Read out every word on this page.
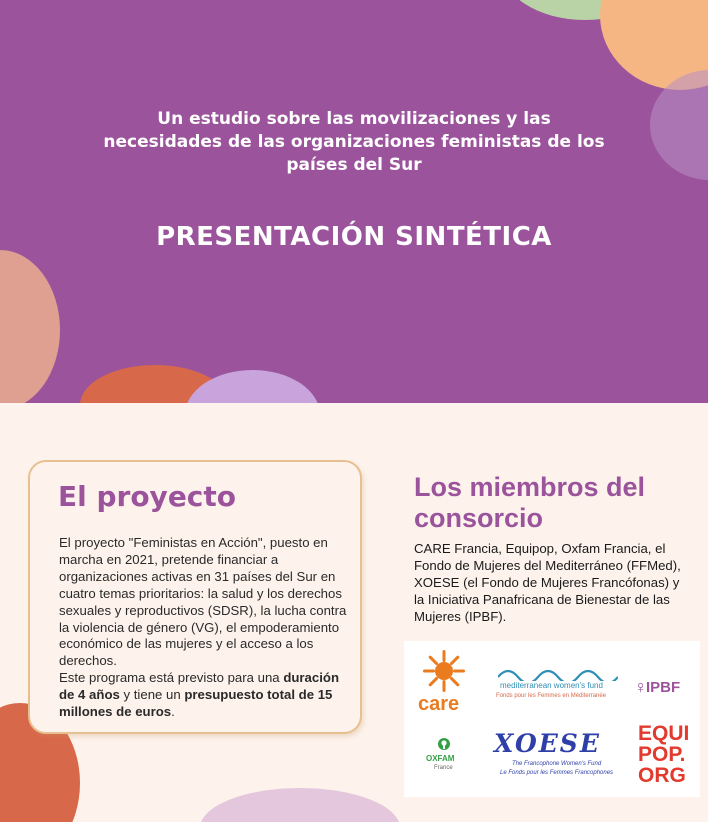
Un estudio sobre las movilizaciones y las necesidades de las organizaciones feministas de los países del Sur

PRESENTACIÓN SINTÉTICA
El proyecto

El proyecto "Feministas en Acción", puesto en marcha en 2021, pretende financiar a organizaciones activas en 31 países del Sur en cuatro temas prioritarios: la salud y los derechos sexuales y reproductivos (SDSR), la lucha contra la violencia de género (VG), el empoderamiento económico de las mujeres y el acceso a los derechos.
Este programa está previsto para una duración de 4 años y tiene un presupuesto total de 15 millones de euros.

Los miembros del consorcio

CARE Francia, Equipop, Oxfam Francia, el Fondo de Mujeres del Mediterráneo (FFMed), XOESE (el Fondo de Mujeres Francófonas) y la Iniciativa Panafricana de Bienestar de las Mujeres (IPBF).

care
mediterranean women's fund
Fonds pour les Femmes en Méditerranée ♀
IPBF
OXFAM
France
XOESE
The Francophone Women's Fund
Le Fonds pour les Femmes Francophones
EQUI
POP.
ORG
